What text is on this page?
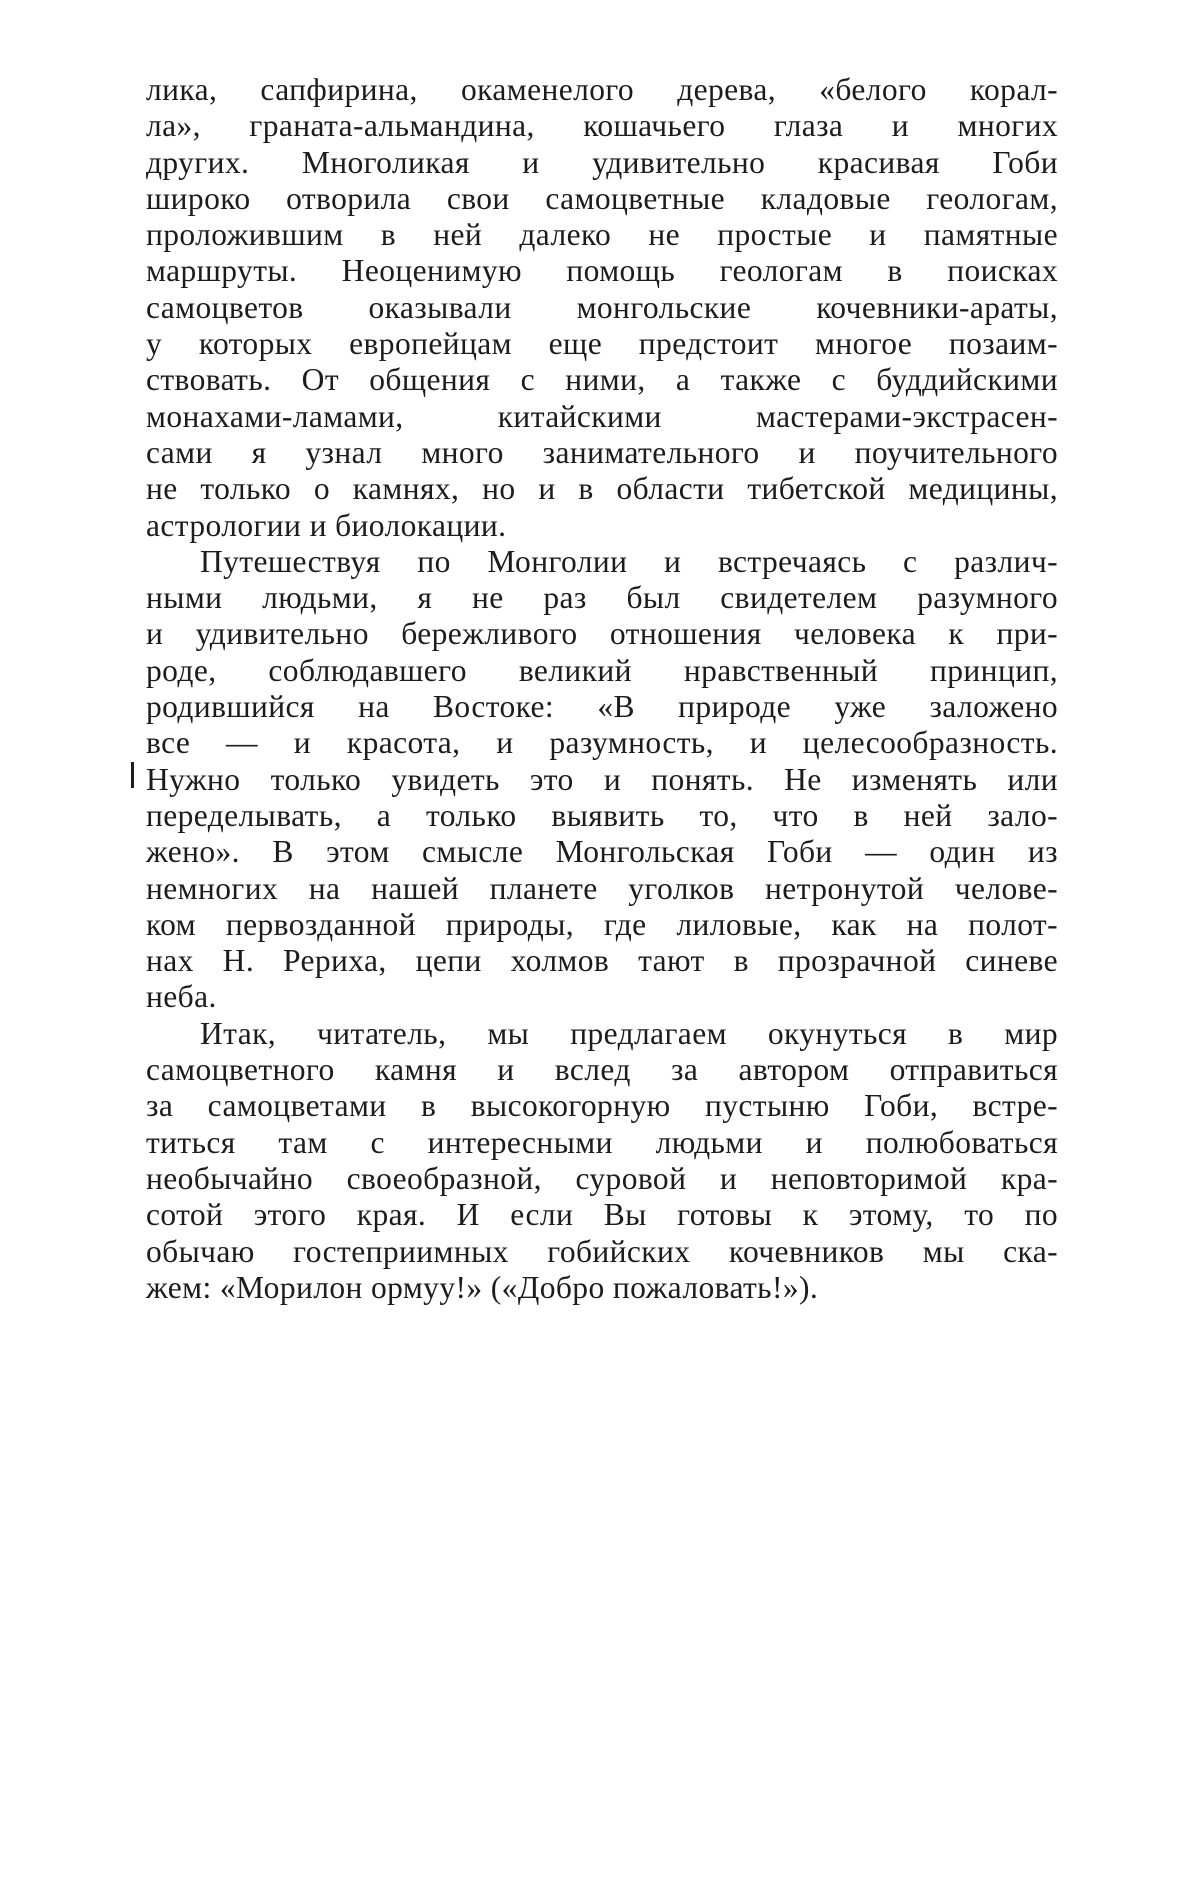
лика, сапфирина, окаменелого дерева, «белого корал-
ла», граната-альмандина, кошачьего глаза и многих
других. Многоликая и удивительно красивая Гоби
широко отворила свои самоцветные кладовые геологам,
проложившим в ней далеко не простые и памятные
маршруты. Неоценимую помощь геологам в поисках
самоцветов оказывали монгольские кочевники-араты,
у которых европейцам еще предстоит многое позаим-
ствовать. От общения с ними, а также с буддийскими
монахами-ламами, китайскими мастерами-экстрасен-
сами я узнал много занимательного и поучительного
не только о камнях, но и в области тибетской медицины,
астрологии и биолокации.
Путешествуя по Монголии и встречаясь с различ-
ными людьми, я не раз был свидетелем разумного
и удивительно бережливого отношения человека к при-
роде, соблюдавшего великий нравственный принцип,
родившийся на Востоке: «В природе уже заложено
все — и красота, и разумность, и целесообразность.
Нужно только увидеть это и понять. Не изменять или
переделывать, а только выявить то, что в ней зало-
жено». В этом смысле Монгольская Гоби — один из
немногих на нашей планете уголков нетронутой челове-
ком первозданной природы, где лиловые, как на полот-
нах Н. Рериха, цепи холмов тают в прозрачной синеве
неба.
Итак, читатель, мы предлагаем окунуться в мир
самоцветного камня и вслед за автором отправиться
за самоцветами в высокогорную пустыню Гоби, встре-
титься там с интересными людьми и полюбоваться
необычайно своеобразной, суровой и неповторимой кра-
сотой этого края. И если Вы готовы к этому, то по
обычаю гостеприимных гобийских кочевников мы ска-
жем: «Морилон ормуу!» («Добро пожаловать!»).
